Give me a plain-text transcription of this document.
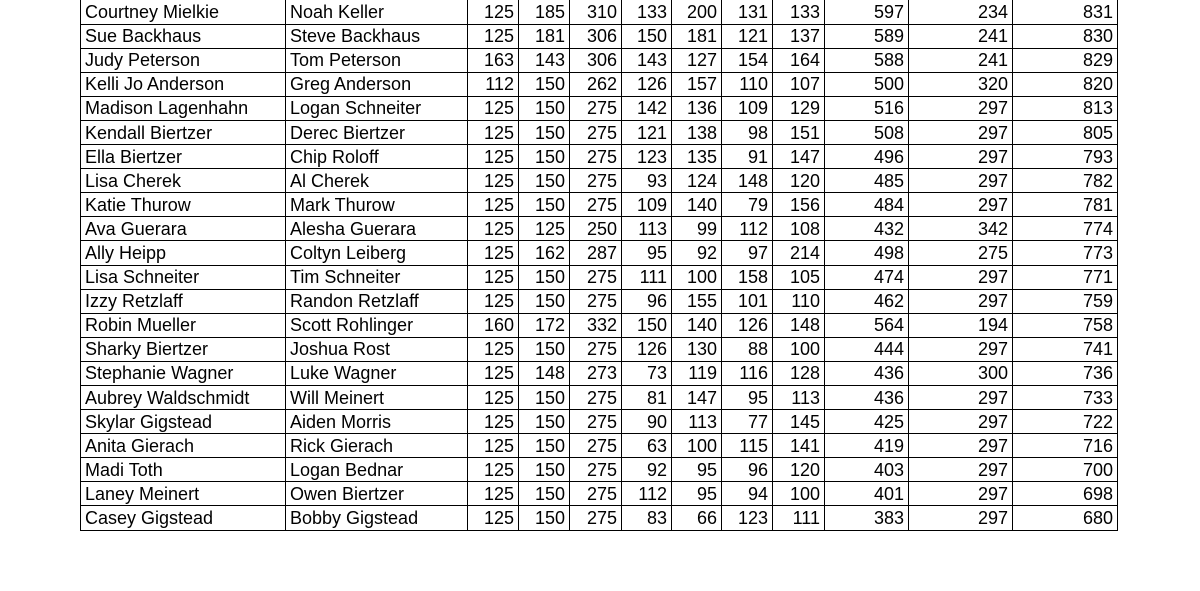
Courtney Mielkie	Noah Keller	125	185	310	133	200	131	133	597	234	831
Sue Backhaus	Steve Backhaus	125	181	306	150	181	121	137	589	241	830
Judy Peterson	Tom Peterson	163	143	306	143	127	154	164	588	241	829
Kelli Jo Anderson	Greg Anderson	112	150	262	126	157	110	107	500	320	820
Madison Lagenhahn	Logan Schneiter	125	150	275	142	136	109	129	516	297	813
Kendall Biertzer	Derec Biertzer	125	150	275	121	138	98	151	508	297	805
Ella Biertzer	Chip Roloff	125	150	275	123	135	91	147	496	297	793
Lisa Cherek	Al Cherek	125	150	275	93	124	148	120	485	297	782
Katie Thurow	Mark Thurow	125	150	275	109	140	79	156	484	297	781
Ava Guerara	Alesha Guerara	125	125	250	113	99	112	108	432	342	774
Ally Heipp	Coltyn Leiberg	125	162	287	95	92	97	214	498	275	773
Lisa Schneiter	Tim Schneiter	125	150	275	111	100	158	105	474	297	771
Izzy Retzlaff	Randon Retzlaff	125	150	275	96	155	101	110	462	297	759
Robin Mueller	Scott Rohlinger	160	172	332	150	140	126	148	564	194	758
Sharky Biertzer	Joshua Rost	125	150	275	126	130	88	100	444	297	741
Stephanie Wagner	Luke Wagner	125	148	273	73	119	116	128	436	300	736
Aubrey Waldschmidt	Will Meinert	125	150	275	81	147	95	113	436	297	733
Skylar Gigstead	Aiden Morris	125	150	275	90	113	77	145	425	297	722
Anita Gierach	Rick Gierach	125	150	275	63	100	115	141	419	297	716
Madi Toth	Logan Bednar	125	150	275	92	95	96	120	403	297	700
Laney Meinert	Owen Biertzer	125	150	275	112	95	94	100	401	297	698
Casey Gigstead	Bobby Gigstead	125	150	275	83	66	123	111	383	297	680
